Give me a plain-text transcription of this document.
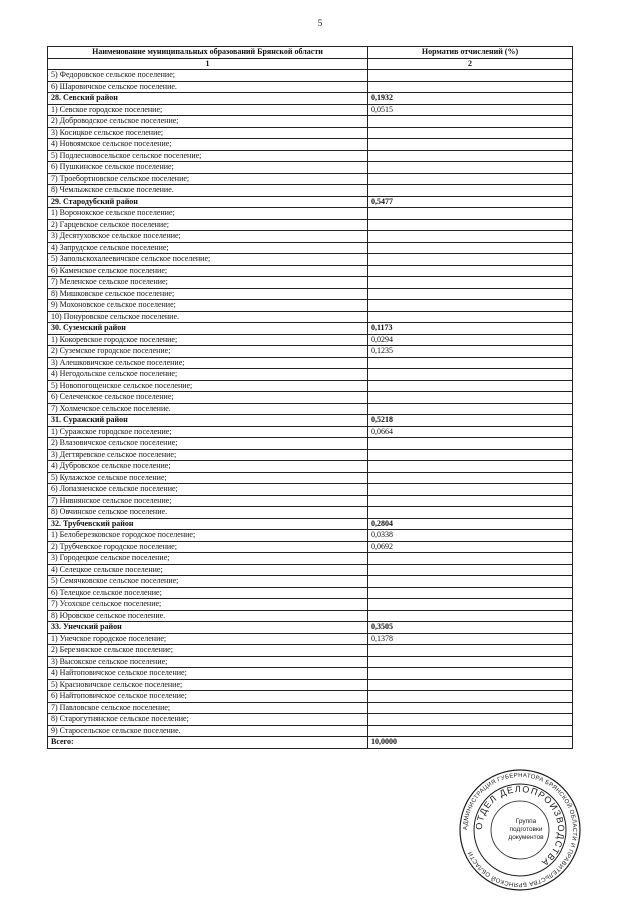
5
Наименование муниципальных образований Брянской области	Норматив отчислений (%)
1	2
5) Федоровское сельское поселение;	
6) Шаровичское сельское поселение.	
28. Севский район	0,1932
1) Севское городское поселение;	0,0515
2) Доброводское сельское поселение;	
3) Косицкое сельское поселение;	
4) Новоямское сельское поселение;	
5) Подлесновосельское сельское поселение;	
6) Пушкинское сельское поселение;	
7) Троебортновское сельское поселение;	
8) Чемлыжское сельское поселение.	
29. Стародубский район	0,5477
1) Воронокское сельское поселение;	
2) Гарцевское сельское поселение;	
3) Десятуховское сельское поселение;	
4) Запрудское сельское поселение;	
5) Запольскохалеевичское сельское поселение;	
6) Каменское сельское поселение;	
7) Меленское сельское поселение;	
8) Мишковское сельское поселение;	
9) Мохоновское сельское поселение;	
10) Понуровское сельское поселение.	
30. Суземский район	0,1173
1) Кокоревское городское поселение;	0,0294
2) Суземское городское поселение;	0,1235
3) Алешковичское сельское поселение;	
4) Негодольское сельское поселение;	
5) Новопогощенское сельское поселение;	
6) Селеченское сельское поселение;	
7) Холмечское сельское поселение.	
31. Суражский район	0,5218
1) Суражское городское поселение;	0,0664
2) Влазовичское сельское поселение;	
3) Дегтяревское сельское поселение;	
4) Дубровское сельское поселение;	
5) Кулажское сельское поселение;	
6) Лопазненское сельское поселение;	
7) Нивнянское сельское поселение;	
8) Овчинское сельское поселение.	
32. Трубчевский район	0,2804
1) Белоберезковское городское поселение;	0,0338
2) Трубчевское городское поселение;	0,0692
3) Городецкое сельское поселение;	
4) Селецкое сельское поселение;	
5) Семячковское сельское поселение;	
6) Телецкое сельское поселение;	
7) Усохское сельское поселение;	
8) Юровское сельское поселение.	
33. Унечский район	0,3505
1) Унечское городское поселение;	0,1378
2) Березинское сельское поселение;	
3) Высокское сельское поселение;	
4) Найтоповичское сельское поселение;	
5) Красновичское сельское поселение;	
6) Найтоповичское сельское поселение;	
7) Павловское сельское поселение;	
8) Старогутнянское сельское поселение;	
9) Старосельское сельское поселение.	
Всего:	10,0000
АДМИНИСТРАЦИЯ ГУБЕРНАТОРА БРЯНСКОЙ ОБЛАСТИ И ПРАВИТЕЛЬСТВА БРЯНСКОЙ ОБЛАСТИ
ОТДЕЛ ДЕЛОПРОИЗВОДСТВА
Группа
подготовки
документов
